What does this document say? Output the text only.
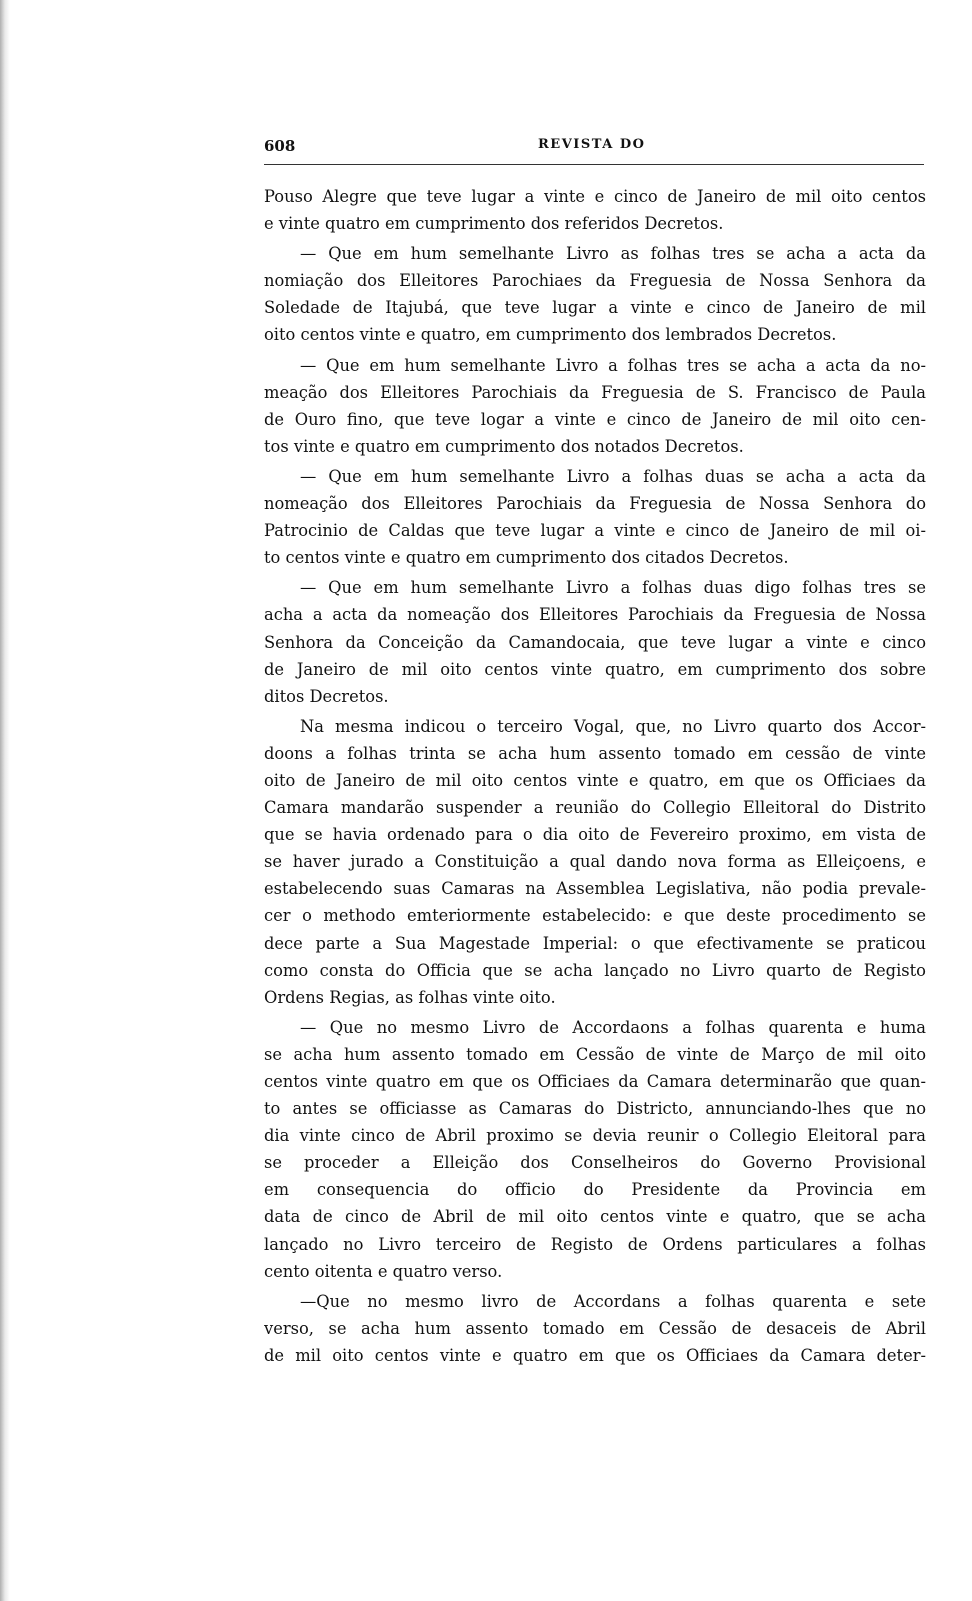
608	REVISTA DO
Pouso Alegre que teve lugar a vinte e cinco de Janeiro de mil oito centos
e vinte quatro em cumprimento dos referidos Decretos.
— Que em hum semelhante Livro as folhas tres se acha a acta da
nomiação dos Elleitores Parochiaes da Freguesia de Nossa Senhora da
Soledade de Itajubá, que teve lugar a vinte e cinco de Janeiro de mil
oito centos vinte e quatro, em cumprimento dos lembrados Decretos.
— Que em hum semelhante Livro a folhas tres se acha a acta da no-
meação dos Elleitores Parochiais da Freguesia de S. Francisco de Paula
de Ouro fino, que teve logar a vinte e cinco de Janeiro de mil oito cen-
tos vinte e quatro em cumprimento dos notados Decretos.
— Que em hum semelhante Livro a folhas duas se acha a acta da
nomeação dos Elleitores Parochiais da Freguesia de Nossa Senhora do
Patrocinio de Caldas que teve lugar a vinte e cinco de Janeiro de mil oi-
to centos vinte e quatro em cumprimento dos citados Decretos.
— Que em hum semelhante Livro a folhas duas digo folhas tres se
acha a acta da nomeação dos Elleitores Parochiais da Freguesia de Nossa
Senhora da Conceição da Camandocaia, que teve lugar a vinte e cinco
de Janeiro de mil oito centos vinte quatro, em cumprimento dos sobre
ditos Decretos.
Na mesma indicou o terceiro Vogal, que, no Livro quarto dos Accor-
doons a folhas trinta se acha hum assento tomado em cessão de vinte
oito de Janeiro de mil oito centos vinte e quatro, em que os Officiaes da
Camara mandarão suspender a reunião do Collegio Elleitoral do Distrito
que se havia ordenado para o dia oito de Fevereiro proximo, em vista de
se haver jurado a Constituição a qual dando nova forma as Elleiçoens, e
estabelecendo suas Camaras na Assemblea Legislativa, não podia prevale-
cer o methodo emteriormente estabelecido: e que deste procedimento se
dece parte a Sua Magestade Imperial: o que efectivamente se praticou
como consta do Officia que se acha lançado no Livro quarto de Registo
Ordens Regias, as folhas vinte oito.
— Que no mesmo Livro de Accordaons a folhas quarenta e huma
se acha hum assento tomado em Cessão de vinte de Março de mil oito
centos vinte quatro em que os Officiaes da Camara determinarão que quan-
to antes se officiasse as Camaras do Districto, annunciando-lhes que no
dia vinte cinco de Abril proximo se devia reunir o Collegio Eleitoral para
se proceder a Elleição dos Conselheiros do Governo Provisional
em consequencia do officio do Presidente da Provincia em
data de cinco de Abril de mil oito centos vinte e quatro, que se acha
lançado no Livro terceiro de Registo de Ordens particulares a folhas
cento oitenta e quatro verso.
—Que no mesmo livro de Accordans a folhas quarenta e sete
verso, se acha hum assento tomado em Cessão de desaceis de Abril
de mil oito centos vinte e quatro em que os Officiaes da Camara deter-
